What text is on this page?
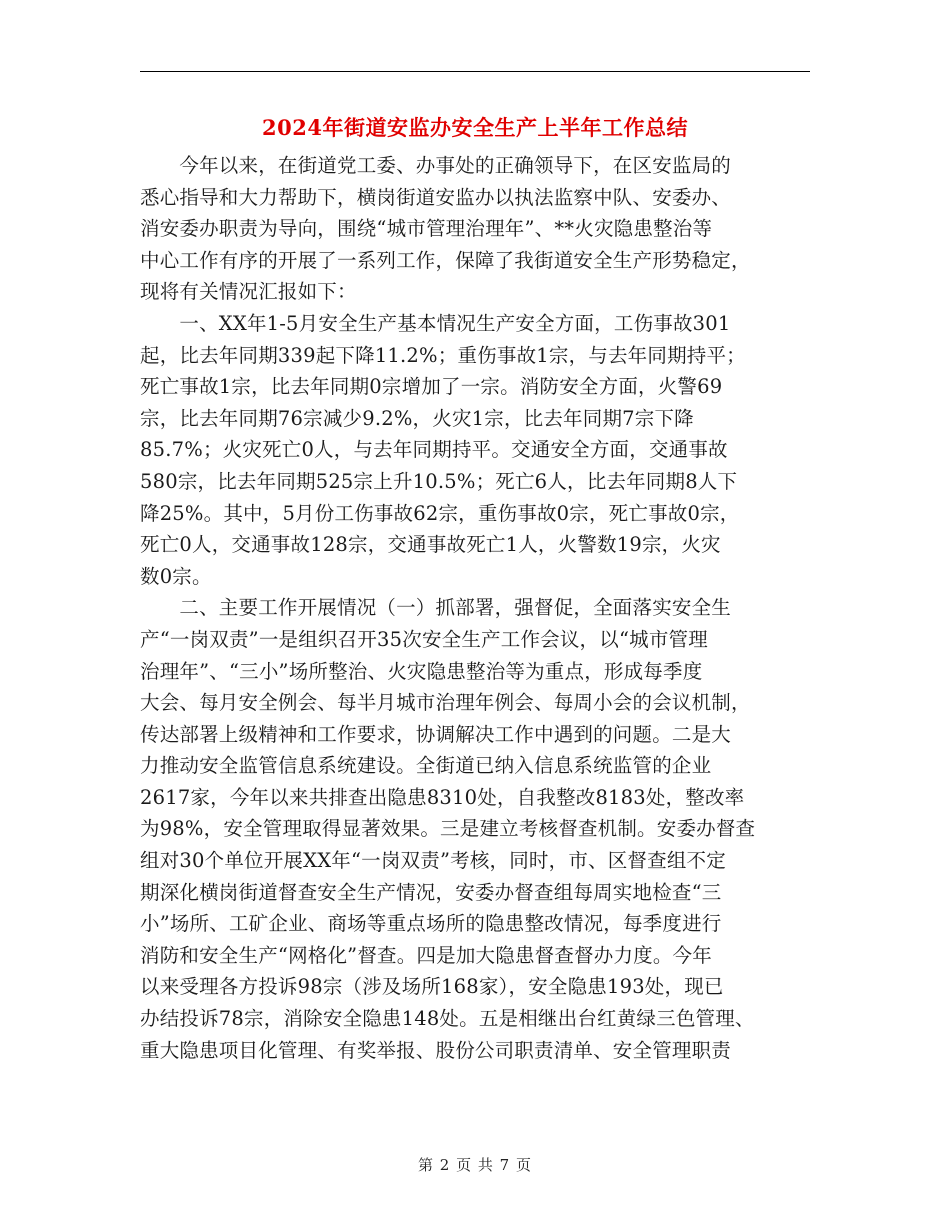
2024年街道安监办安全生产上半年工作总结
　　今年以来，在街道党工委、办事处的正确领导下，在区安监局的
悉心指导和大力帮助下，横岗街道安监办以执法监察中队、安委办、
消安委办职责为导向，围绕“城市管理治理年”、**火灾隐患整治等
中心工作有序的开展了一系列工作，保障了我街道安全生产形势稳定，
现将有关情况汇报如下：
　　一、XX年1-5月安全生产基本情况生产安全方面，工伤事故301
起，比去年同期339起下降11.2%；重伤事故1宗，与去年同期持平；
死亡事故1宗，比去年同期0宗增加了一宗。消防安全方面，火警69
宗，比去年同期76宗减少9.2%，火灾1宗，比去年同期7宗下降
85.7%；火灾死亡0人，与去年同期持平。交通安全方面，交通事故
580宗，比去年同期525宗上升10.5%；死亡6人，比去年同期8人下
降25%。其中，5月份工伤事故62宗，重伤事故0宗，死亡事故0宗，
死亡0人，交通事故128宗，交通事故死亡1人，火警数19宗，火灾
数0宗。
　　二、主要工作开展情况（一）抓部署，强督促，全面落实安全生
产“一岗双责”一是组织召开35次安全生产工作会议，以“城市管理
治理年”、“三小”场所整治、火灾隐患整治等为重点，形成每季度
大会、每月安全例会、每半月城市治理年例会、每周小会的会议机制，
传达部署上级精神和工作要求，协调解决工作中遇到的问题。二是大
力推动安全监管信息系统建设。全街道已纳入信息系统监管的企业
2617家，今年以来共排查出隐患8310处，自我整改8183处，整改率
为98%，安全管理取得显著效果。三是建立考核督查机制。安委办督查
组对30个单位开展XX年“一岗双责”考核，同时，市、区督查组不定
期深化横岗街道督查安全生产情况，安委办督查组每周实地检查“三
小”场所、工矿企业、商场等重点场所的隐患整改情况，每季度进行
消防和安全生产“网格化”督查。四是加大隐患督查督办力度。今年
以来受理各方投诉98宗（涉及场所168家），安全隐患193处，现已
办结投诉78宗，消除安全隐患148处。五是相继出台红黄绿三色管理、
重大隐患项目化管理、有奖举报、股份公司职责清单、安全管理职责
第 2 页 共 7 页
